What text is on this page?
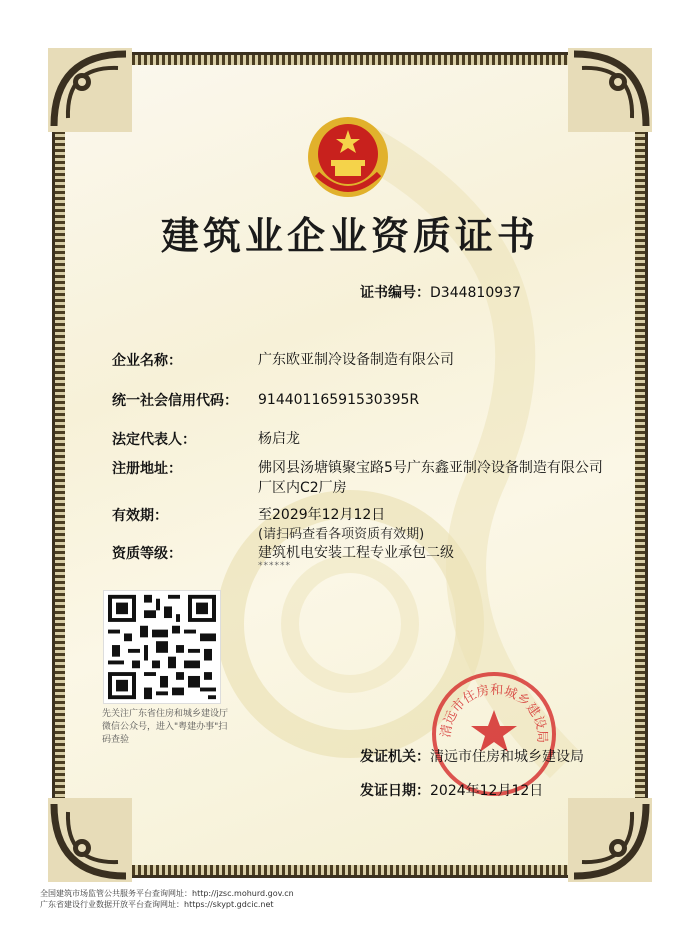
建筑业企业资质证书
证书编号：D344810937
企业名称：	广东欧亚制冷设备制造有限公司
统一社会信用代码：	91440116591530395R
法定代表人：	杨启龙
注册地址：	佛冈县汤塘镇聚宝路5号广东鑫亚制冷设备制造有限公司厂区内C2厂房
有效期：	至2029年12月12日
(请扫码查看各项资质有效期)
资质等级：	建筑机电安装工程专业承包二级
******
先关注广东省住房和城乡建设厅微信公众号，进入"粤建办事"扫码查验
清远市住房和城乡建设局
发证机关：清远市住房和城乡建设局
发证日期：2024年12月12日
全国建筑市场监管公共服务平台查询网址：http://jzsc.mohurd.gov.cn
广东省建设行业数据开放平台查询网址：https://skypt.gdcic.net
